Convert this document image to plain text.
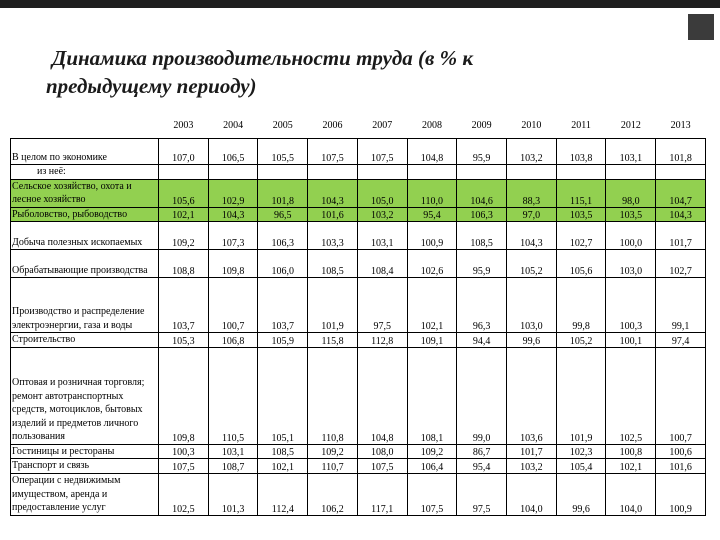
Динамика производительности труда (в % к
предыдущему периоду)
	2003	2004	2005	2006	2007	2008	2009	2010	2011	2012	2013
В целом по экономике	107,0	106,5	105,5	107,5	107,5	104,8	95,9	103,2	103,8	103,1	101,8
из неё:											
Сельское хозяйство, охота и лесное хозяйство	105,6	102,9	101,8	104,3	105,0	110,0	104,6	88,3	115,1	98,0	104,7
Рыболовство, рыбоводство	102,1	104,3	96,5	101,6	103,2	95,4	106,3	97,0	103,5	103,5	104,3
Добыча полезных ископаемых	109,2	107,3	106,3	103,3	103,1	100,9	108,5	104,3	102,7	100,0	101,7
Обрабатывающие производства	108,8	109,8	106,0	108,5	108,4	102,6	95,9	105,2	105,6	103,0	102,7
Производство и распределение электроэнергии, газа и воды	103,7	100,7	103,7	101,9	97,5	102,1	96,3	103,0	99,8	100,3	99,1
Строительство	105,3	106,8	105,9	115,8	112,8	109,1	94,4	99,6	105,2	100,1	97,4
Оптовая и розничная торговля; ремонт автотранспортных средств, мотоциклов, бытовых изделий и предметов личного пользования	109,8	110,5	105,1	110,8	104,8	108,1	99,0	103,6	101,9	102,5	100,7
Гостиницы и рестораны	100,3	103,1	108,5	109,2	108,0	109,2	86,7	101,7	102,3	100,8	100,6
Транспорт и связь	107,5	108,7	102,1	110,7	107,5	106,4	95,4	103,2	105,4	102,1	101,6
Операции с недвижимым имуществом, аренда и предоставление услуг	102,5	101,3	112,4	106,2	117,1	107,5	97,5	104,0	99,6	104,0	100,9
